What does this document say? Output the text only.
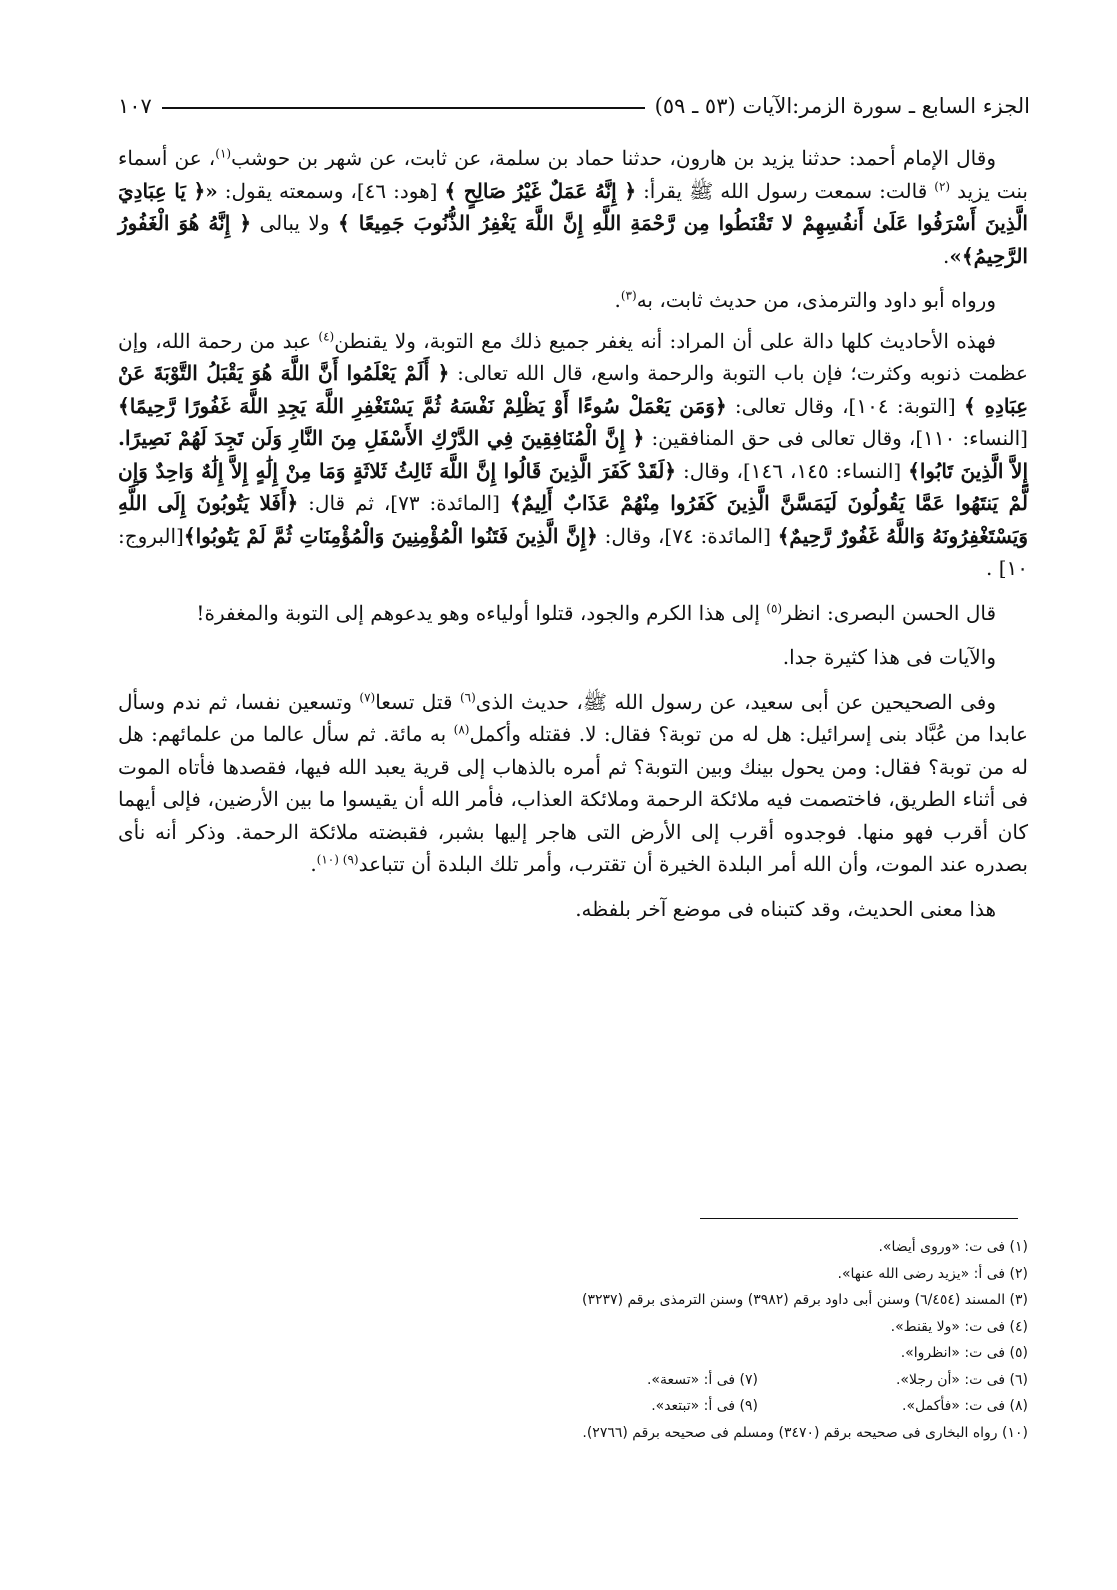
الجزء السابع ـ سورة الزمر:الآيات (٥٣ ـ ٥٩)
١٠٧

وقال الإمام أحمد: حدثنا يزيد بن هارون، حدثنا حماد بن سلمة، عن ثابت، عن شهر بن حوشب$^{(١)}$، عن أسماء بنت يزيد $^{(٢)}$ قالت: سمعت رسول الله ﷺ يقرأ: ﴿ إِنَّهُ عَمَلٌ غَيْرُ صَالِحٍ ﴾ [هود: ٤٦]، وسمعته يقول: «﴿ يَا عِبَادِيَ الَّذِينَ أَسْرَفُوا عَلَىٰ أَنفُسِهِمْ لا تَقْنَطُوا مِن رَّحْمَةِ اللَّهِ إِنَّ اللَّهَ يَغْفِرُ الذُّنُوبَ جَمِيعًا ﴾ ولا يبالى ﴿ إِنَّهُ هُوَ الْغَفُورُ الرَّحِيمُ﴾».

ورواه أبو داود والترمذى، من حديث ثابت، به$^{(٣)}$.

فهذه الأحاديث كلها دالة على أن المراد: أنه يغفر جميع ذلك مع التوبة، ولا يقنطن$^{(٤)}$ عبد من رحمة الله، وإن عظمت ذنوبه وكثرت؛ فإن باب التوبة والرحمة واسع، قال الله تعالى: ﴿ أَلَمْ يَعْلَمُوا أَنَّ اللَّهَ هُوَ يَقْبَلُ التَّوْبَةَ عَنْ عِبَادِهِ ﴾ [التوبة: ١٠٤]، وقال تعالى: ﴿وَمَن يَعْمَلْ سُوءًا أَوْ يَظْلِمْ نَفْسَهُ ثُمَّ يَسْتَغْفِرِ اللَّهَ يَجِدِ اللَّهَ غَفُورًا رَّحِيمًا﴾ [النساء: ١١٠]، وقال تعالى فى حق المنافقين: ﴿ إِنَّ الْمُنَافِقِينَ فِي الدَّرْكِ الأَسْفَلِ مِنَ النَّارِ وَلَن تَجِدَ لَهُمْ نَصِيرًا. إِلاَّ الَّذِينَ تَابُوا﴾ [النساء: ١٤٥، ١٤٦]، وقال: ﴿لَقَدْ كَفَرَ الَّذِينَ قَالُوا إِنَّ اللَّهَ ثَالِثُ ثَلاثَةٍ وَمَا مِنْ إِلَٰهٍ إِلاَّ إِلَٰهٌ وَاحِدٌ وَإِن لَّمْ يَنتَهُوا عَمَّا يَقُولُونَ لَيَمَسَّنَّ الَّذِينَ كَفَرُوا مِنْهُمْ عَذَابٌ أَلِيمٌ﴾ [المائدة: ٧٣]، ثم قال: ﴿أَفَلا يَتُوبُونَ إِلَى اللَّهِ وَيَسْتَغْفِرُونَهُ وَاللَّهُ غَفُورٌ رَّحِيمٌ﴾ [المائدة: ٧٤]، وقال: ﴿إِنَّ الَّذِينَ فَتَنُوا الْمُؤْمِنِينَ وَالْمُؤْمِنَاتِ ثُمَّ لَمْ يَتُوبُوا﴾[البروج: ١٠] .

قال الحسن البصرى: انظر$^{(٥)}$ إلى هذا الكرم والجود، قتلوا أولياءه وهو يدعوهم إلى التوبة والمغفرة!

والآيات فى هذا كثيرة جدا.

وفى الصحيحين عن أبى سعيد، عن رسول الله ﷺ، حديث الذى$^{(٦)}$ قتل تسعا$^{(٧)}$ وتسعين نفسا، ثم ندم وسأل عابدا من عُبَّاد بنى إسرائيل: هل له من توبة؟ فقال: لا. فقتله وأكمل$^{(٨)}$ به مائة. ثم سأل عالما من علمائهم: هل له من توبة؟ فقال: ومن يحول بينك وبين التوبة؟ ثم أمره بالذهاب إلى قرية يعبد الله فيها، فقصدها فأتاه الموت فى أثناء الطريق، فاختصمت فيه ملائكة الرحمة وملائكة العذاب، فأمر الله أن يقيسوا ما بين الأرضين، فإلى أيهما كان أقرب فهو منها. فوجدوه أقرب إلى الأرض التى هاجر إليها بشبر، فقبضته ملائكة الرحمة. وذكر أنه نأى بصدره عند الموت، وأن الله أمر البلدة الخيرة أن تقترب، وأمر تلك البلدة أن تتباعد$^{(٩)}$ $^{(١٠)}$.

هذا معنى الحديث، وقد كتبناه فى موضع آخر بلفظه.

(١) فى ت: «وروى أيضا».
(٢) فى أ: «يزيد رضى الله عنها».
(٣) المسند (٦/٤٥٤) وسنن أبى داود برقم (٣٩٨٢) وسنن الترمذى برقم (٣٢٣٧)
(٤) فى ت: «ولا يقنط».
(٥) فى ت: «انظروا».
(٦) فى ت: «أن رجلا».
(٧) فى أ: «تسعة».
(٨) فى ت: «فأكمل».
(٩) فى أ: «تبتعد».
(١٠) رواه البخارى فى صحيحه برقم (٣٤٧٠) ومسلم فى صحيحه برقم (٢٧٦٦).
